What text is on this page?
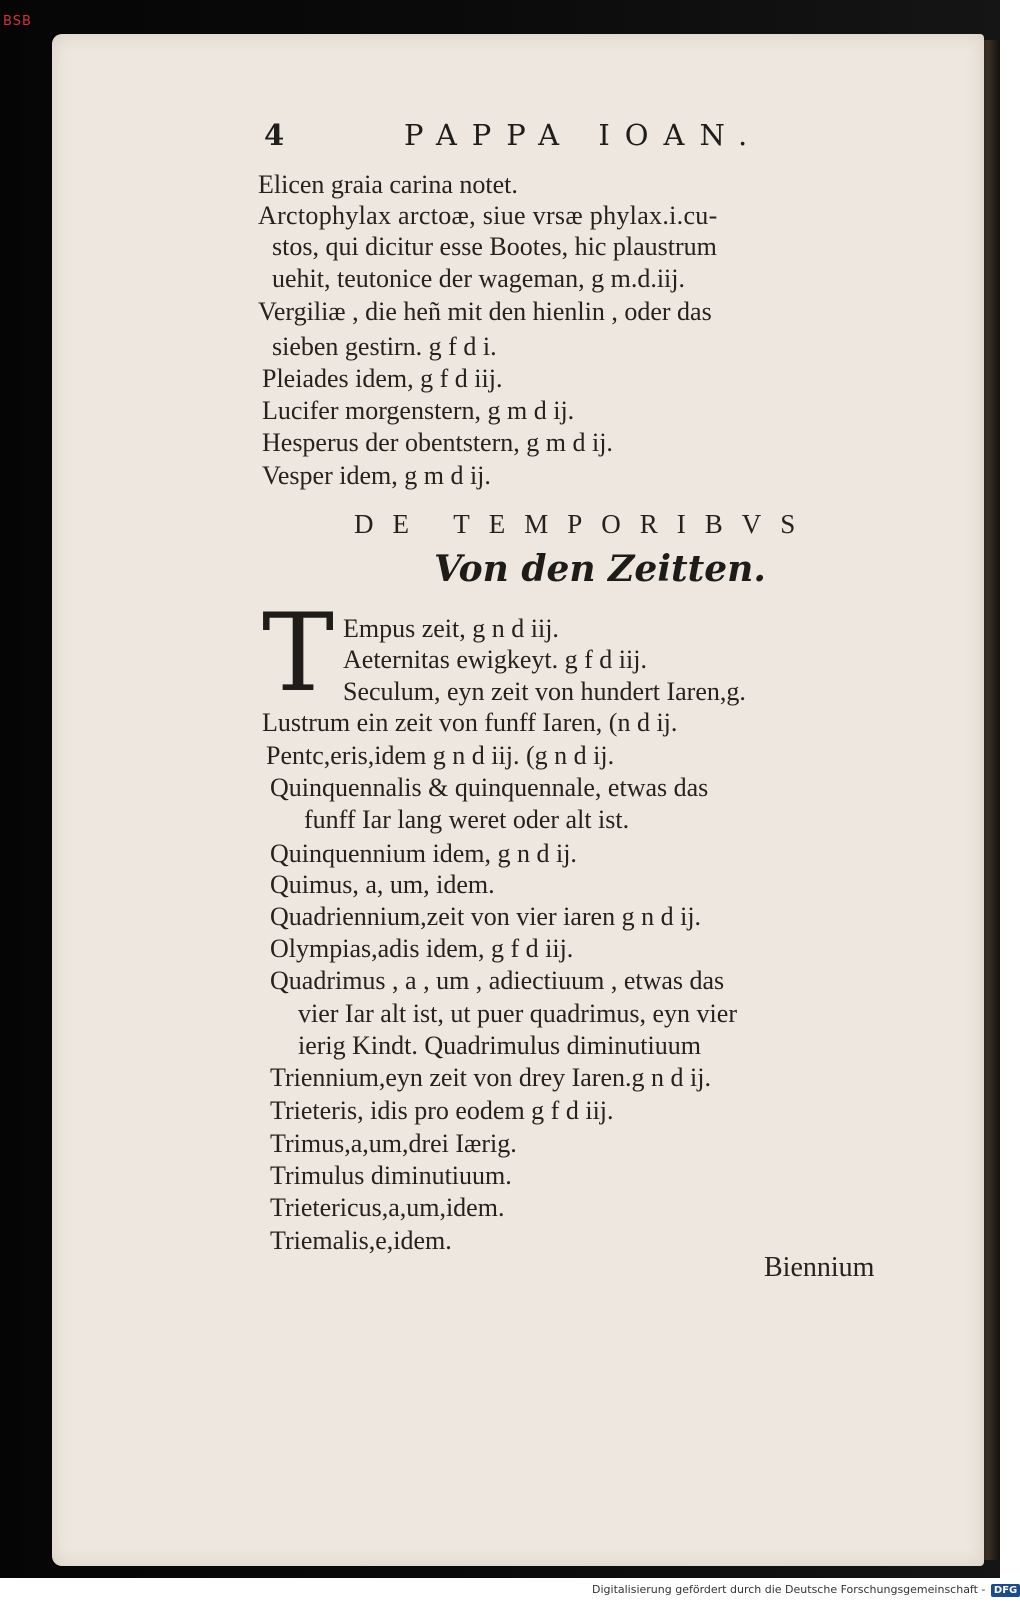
BSB
4	PAPPA IOAN.
Elicen graia carina notet.
Arctophylax arctoæ, siue vrsæ phylax.i.cu-
stos, qui dicitur esse Bootes, hic plaustrum
uehit, teutonice der wageman, g m.d.iij.
Vergiliæ , die heñ mit den hienlin , oder das
sieben gestirn. g f d i.
Pleiades idem, g f d iij.
Lucifer morgenstern, g m d ij.
Hesperus der obentstern, g m d ij.
Vesper idem, g m d ij.
DE TEMPORIBVS
Von den Zeitten.
T Empus zeit, g n d iij.
Aeternitas ewigkeyt. g f d iij.
Seculum, eyn zeit von hundert Iaren,g.
Lustrum ein zeit von funff Iaren, (n d ij.
Pentc,eris,idem g n d iij. (g n d ij.
Quinquennalis & quinquennale, etwas das
funff Iar lang weret oder alt ist.
Quinquennium idem, g n d ij.
Quimus, a, um, idem.
Quadriennium,zeit von vier iaren g n d ij.
Olympias,adis idem, g f d iij.
Quadrimus , a , um , adiectiuum , etwas das
vier Iar alt ist, ut puer quadrimus, eyn vier
ierig Kindt. Quadrimulus diminutiuum
Triennium,eyn zeit von drey Iaren.g n d ij.
Trieteris, idis pro eodem g f d iij.
Trimus,a,um,drei Iærig.
Trimulus diminutiuum.
Trietericus,a,um,idem.
Triemalis,e,idem.
Biennium
Digitalisierung gefördert durch die Deutsche Forschungsgemeinschaft - DFG
